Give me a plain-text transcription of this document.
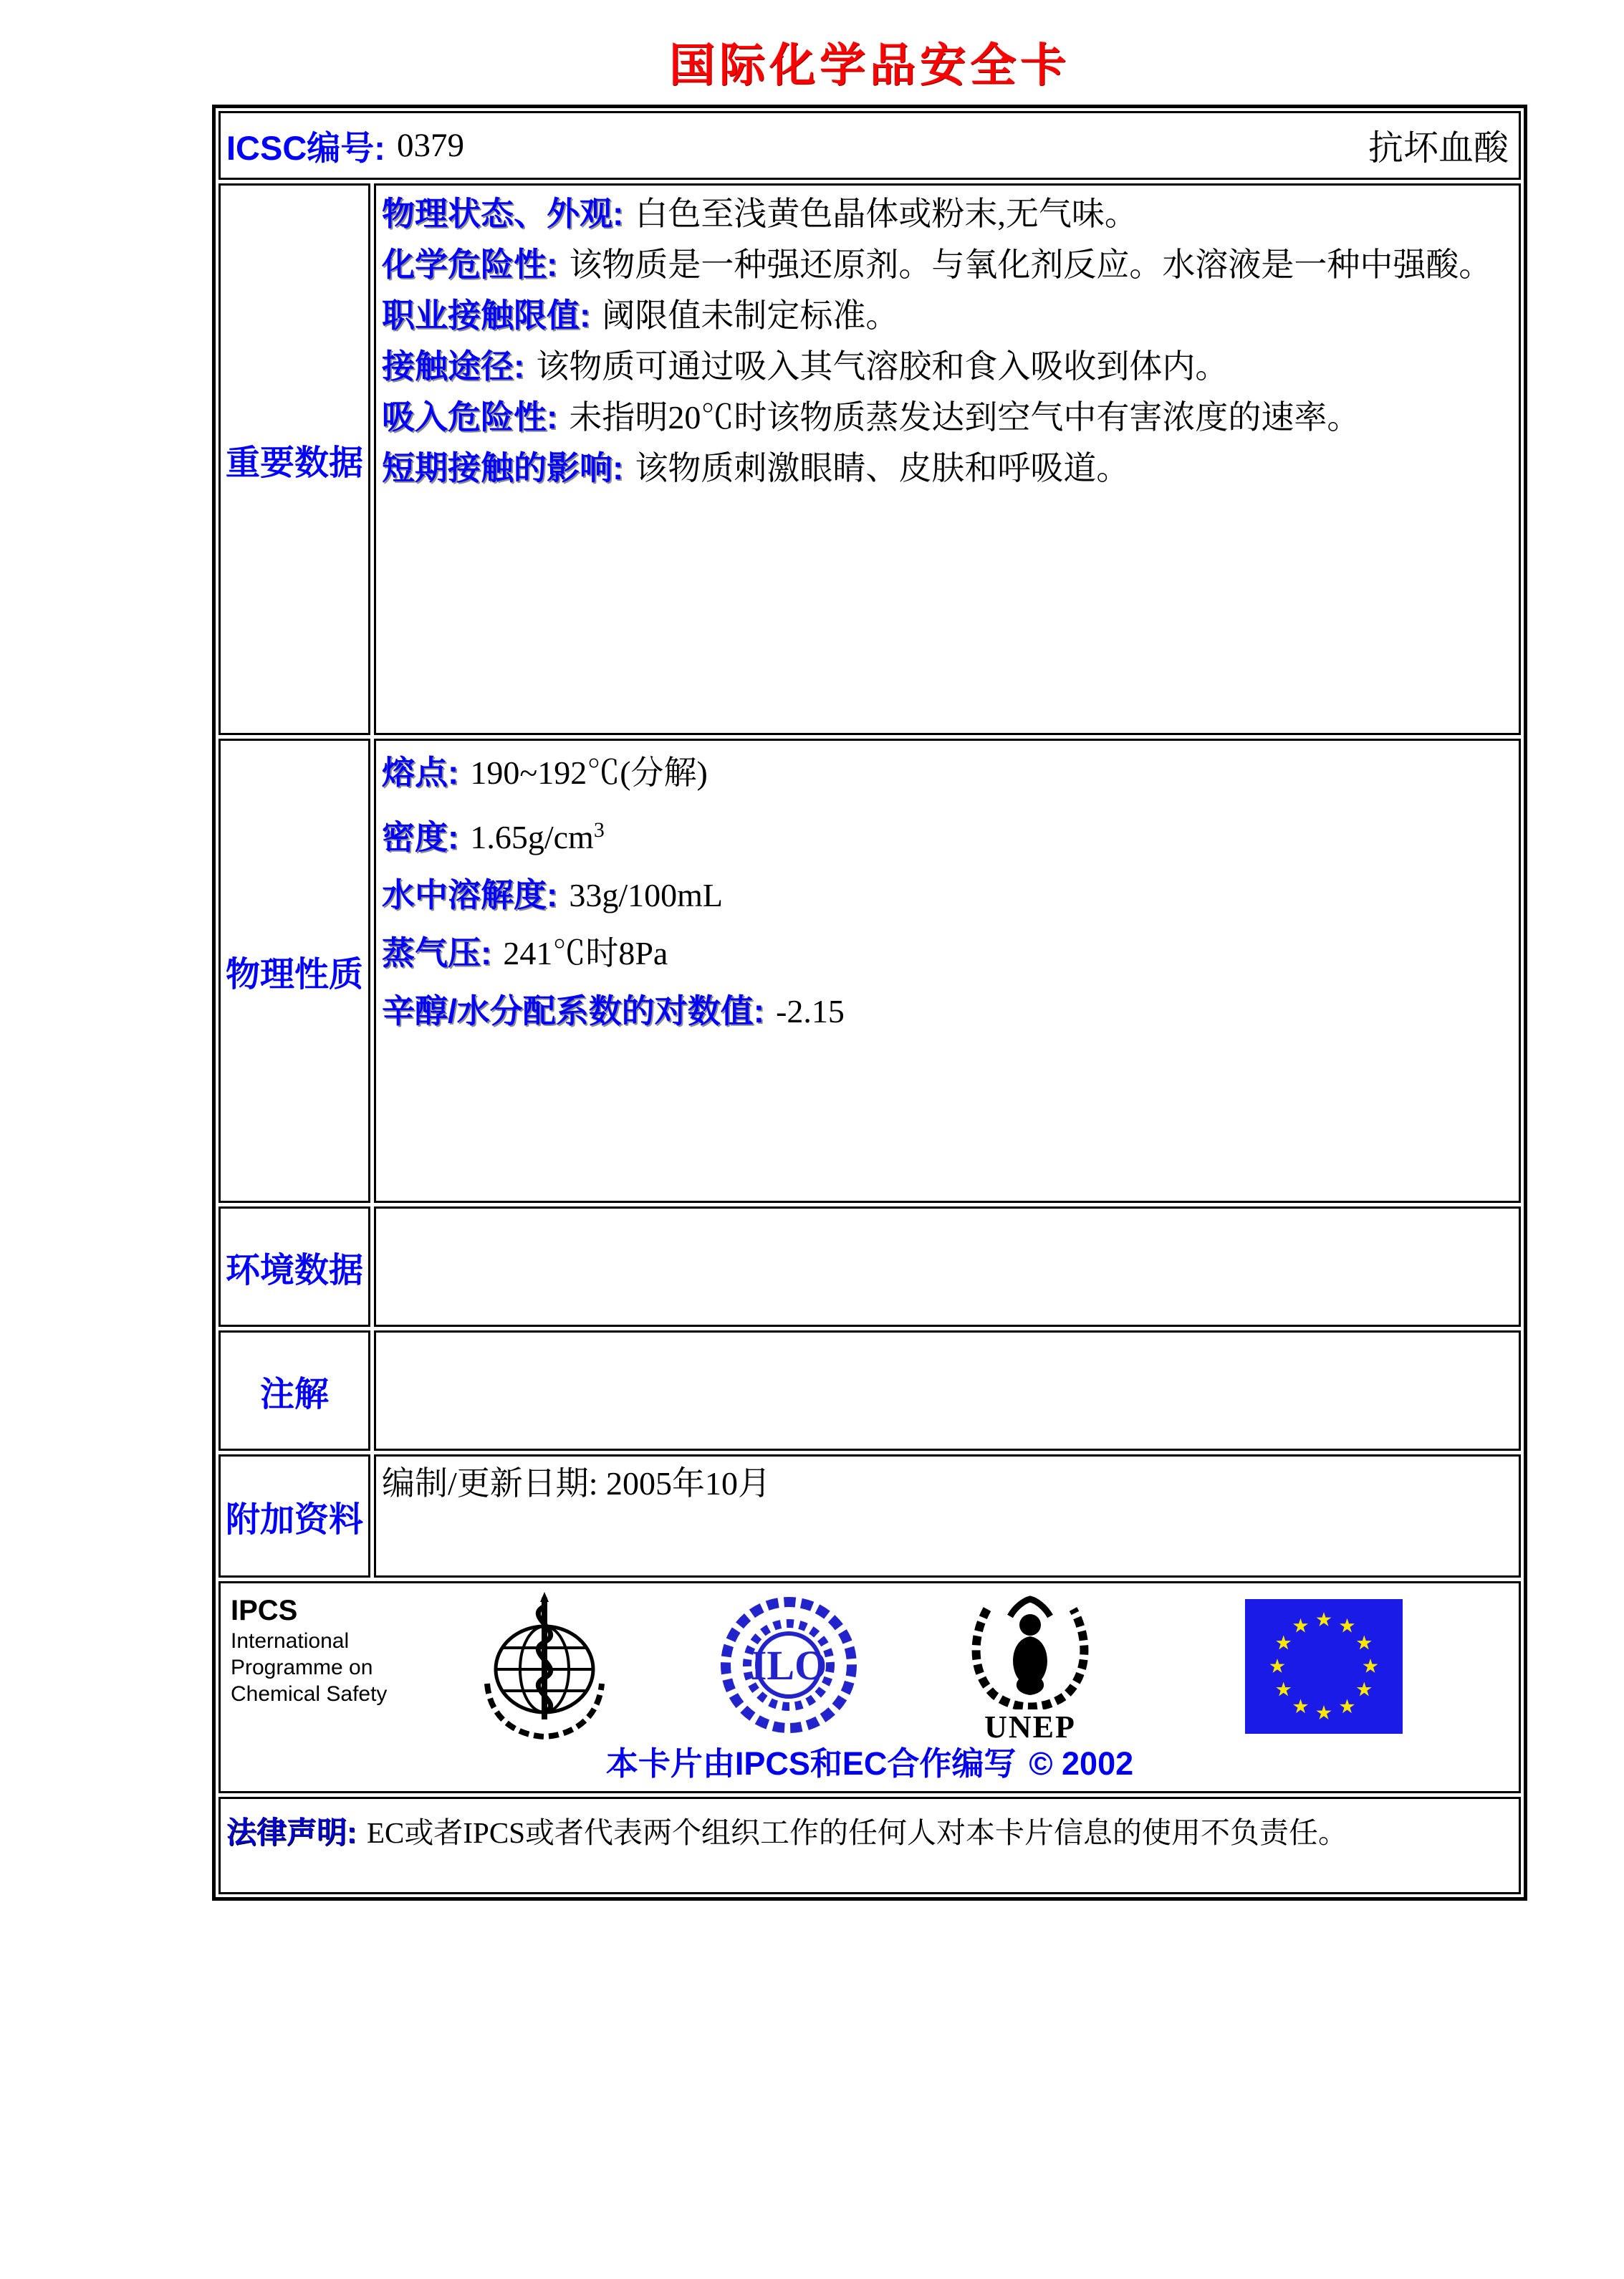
国际化学品安全卡
ICSC编号: 0379	抗坏血酸
重要数据
物理状态、外观: 白色至浅黄色晶体或粉末,无气味。
化学危险性: 该物质是一种强还原剂。与氧化剂反应。水溶液是一种中强酸。
职业接触限值: 阈限值未制定标准。
接触途径: 该物质可通过吸入其气溶胶和食入吸收到体内。
吸入危险性: 未指明20℃时该物质蒸发达到空气中有害浓度的速率。
短期接触的影响: 该物质刺激眼睛、皮肤和呼吸道。
物理性质
熔点: 190~192℃(分解)
密度: $1.65g/cm^3$
水中溶解度: 33g/100mL
蒸气压: 241℃时8Pa
辛醇/水分配系数的对数值: -2.15
环境数据
注解
附加资料
编制/更新日期: 2005年10月
IPCS
International
Programme on
Chemical Safety
ILO
UNEP
本卡片由IPCS和EC合作编写 © 2002
法律声明: EC或者IPCS或者代表两个组织工作的任何人对本卡片信息的使用不负责任。
